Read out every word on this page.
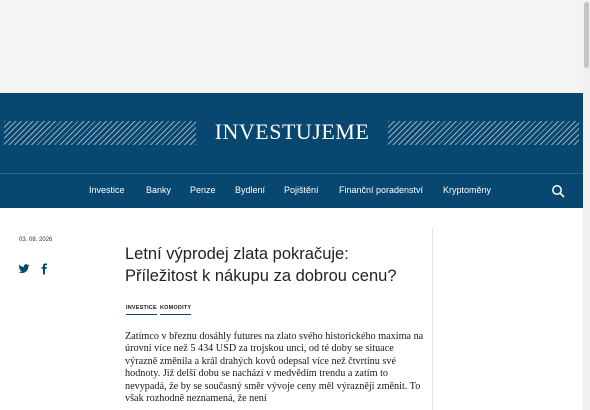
INVESTUJEME
Investice Banky Penze Bydlení Pojištění Finanční poradenství Kryptoměny
03. 08. 2026
Letní výprodej zlata pokračuje: Příležitost k nákupu za dobrou cenu?
INVESTICE KOMODITY

Zatímco v březnu dosáhly futures na zlato svého historického maxima na úrovni více než 5 434 USD za trojskou unci, od té doby se situace výrazně změnila a král drahých kovů odepsal více než čtvrtinu své hodnoty. Již delší dobu se nachází v medvědím trendu a zatím to nevypadá, že by se současný směr vývoje ceny měl výrazněji změnit. To však rozhodně neznamená, že není
